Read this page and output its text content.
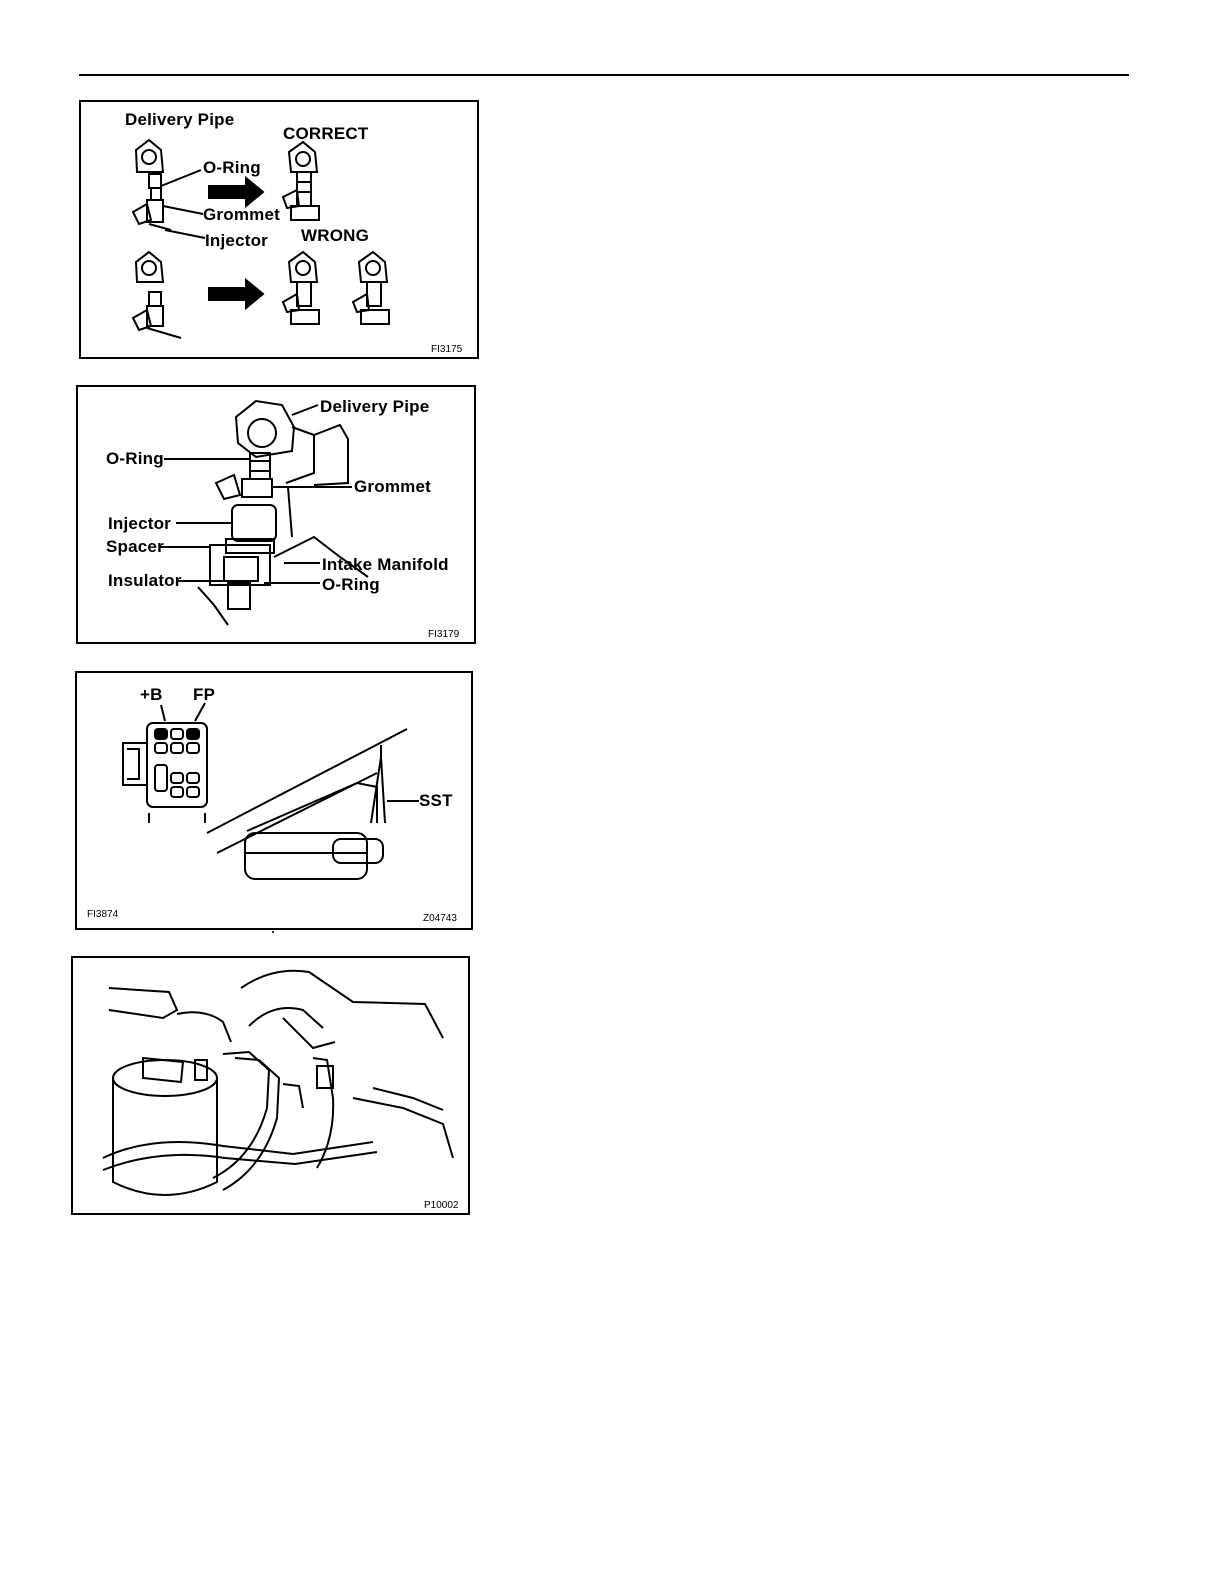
Delivery Pipe
CORRECT
O-Ring
Grommet
Injector WRONG
FI3175
Delivery Pipe
O-Ring
Grommet
Injector
Spacer
Intake Manifold
Insulator	O-Ring
FI3179
+B FP
SST
FI3874	Z04743
P10002
